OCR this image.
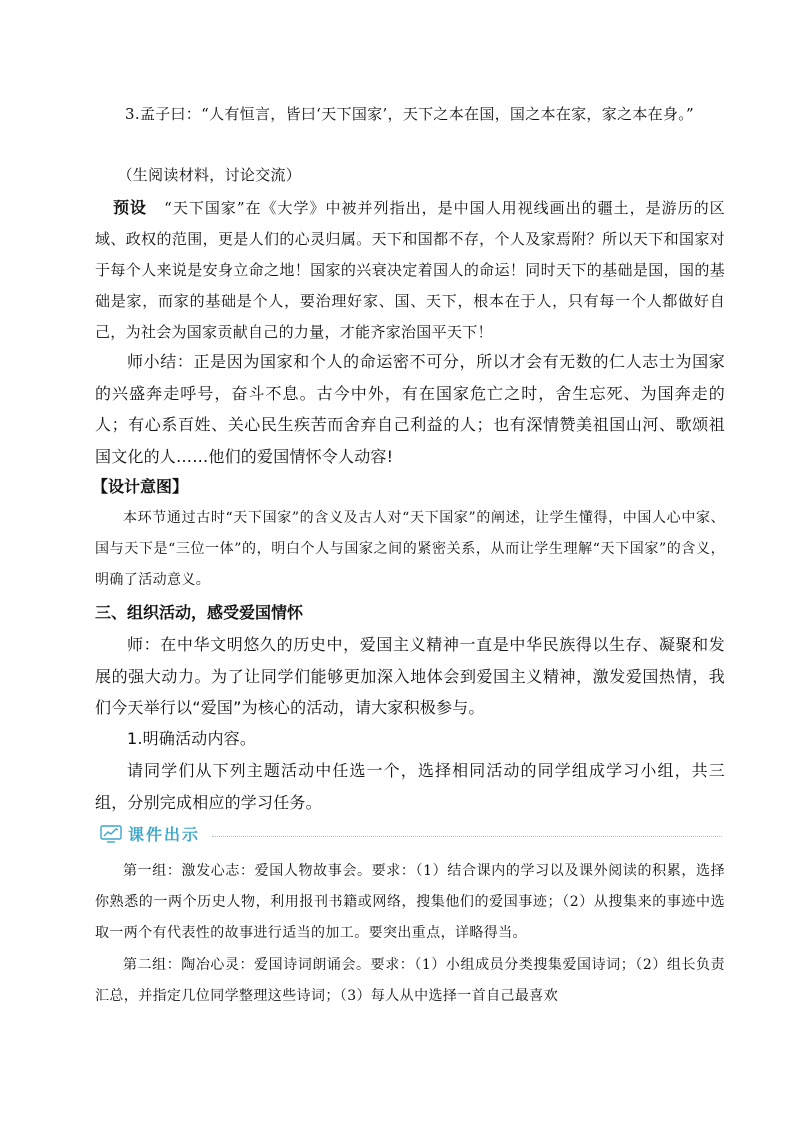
3.孟子曰：“人有恒言，皆曰‘天下国家’，天下之本在国，国之本在家，家之本在身。”

（生阅读材料，讨论交流）

预设 “天下国家”在《大学》中被并列指出，是中国人用视线画出的疆土，是游历的区域、政权的范围，更是人们的心灵归属。天下和国都不存，个人及家焉附？所以天下和国家对于每个人来说是安身立命之地！国家的兴衰决定着国人的命运！同时天下的基础是国，国的基础是家，而家的基础是个人，要治理好家、国、天下，根本在于人，只有每一个人都做好自己，为社会为国家贡献自己的力量，才能齐家治国平天下！

师小结：正是因为国家和个人的命运密不可分，所以才会有无数的仁人志士为国家的兴盛奔走呼号，奋斗不息。古今中外，有在国家危亡之时，舍生忘死、为国奔走的人；有心系百姓、关心民生疾苦而舍弃自己利益的人；也有深情赞美祖国山河、歌颂祖国文化的人……他们的爱国情怀令人动容!

【设计意图】

本环节通过古时“天下国家”的含义及古人对“天下国家”的阐述，让学生懂得，中国人心中家、国与天下是“三位一体”的，明白个人与国家之间的紧密关系，从而让学生理解“天下国家”的含义，明确了活动意义。

三、组织活动，感受爱国情怀

师：在中华文明悠久的历史中，爱国主义精神一直是中华民族得以生存、凝聚和发展的强大动力。为了让同学们能够更加深入地体会到爱国主义精神，激发爱国热情，我们今天举行以“爱国”为核心的活动，请大家积极参与。

1.明确活动内容。

请同学们从下列主题活动中任选一个，选择相同活动的同学组成学习小组，共三组，分别完成相应的学习任务。

课件出示

第一组：激发心志：爱国人物故事会。要求：（1）结合课内的学习以及课外阅读的积累，选择你熟悉的一两个历史人物，利用报刊书籍或网络，搜集他们的爱国事迹；（2）从搜集来的事迹中选取一两个有代表性的故事进行适当的加工。要突出重点，详略得当。

第二组：陶冶心灵：爱国诗词朗诵会。要求：（1）小组成员分类搜集爱国诗词；（2）组长负责汇总，并指定几位同学整理这些诗词；（3）每人从中选择一首自己最喜欢
